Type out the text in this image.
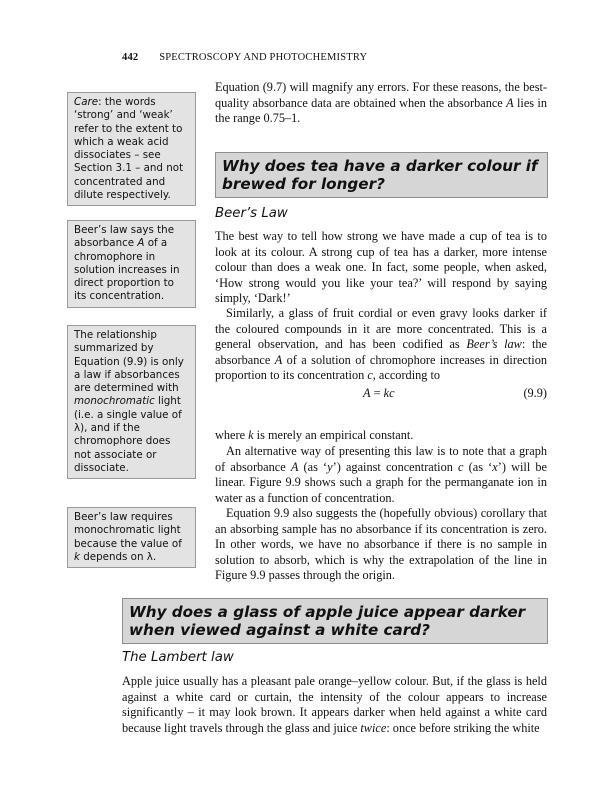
442 SPECTROSCOPY AND PHOTOCHEMISTRY
Care: the words ‘strong’ and ‘weak’ refer to the extent to which a weak acid dissociates – see Section 3.1 – and not concentrated and dilute respectively.
Beer’s law says the absorbance A of a chromophore in solution increases in direct proportion to its concentration.
The relationship summarized by Equation (9.9) is only a law if absorbances are determined with monochromatic light (i.e. a single value of λ), and if the chromophore does not associate or dissociate.
Beer’s law requires monochromatic light because the value of k depends on λ.

Equation (9.7) will magnify any errors. For these reasons, the best-quality absorbance data are obtained when the absorbance A lies in the range 0.75–1.

Why does tea have a darker colour if brewed for longer?
Beer’s Law

The best way to tell how strong we have made a cup of tea is to look at its colour. A strong cup of tea has a darker, more intense colour than does a weak one. In fact, some people, when asked, ‘How strong would you like your tea?’ will respond by saying simply, ‘Dark!’

Similarly, a glass of fruit cordial or even gravy looks darker if the coloured compounds in it are more concentrated. This is a general observation, and has been codified as Beer’s law: the absorbance A of a solution of chromophore increases in direction proportion to its concentration c, according to

A = kc	(9.9)

where k is merely an empirical constant.

An alternative way of presenting this law is to note that a graph of absorbance A (as ‘y’) against concentration c (as ‘x’) will be linear. Figure 9.9 shows such a graph for the permanganate ion in water as a function of concentration.

Equation 9.9 also suggests the (hopefully obvious) corollary that an absorbing sample has no absorbance if its concentration is zero. In other words, we have no absorbance if there is no sample in solution to absorb, which is why the extrapolation of the line in Figure 9.9 passes through the origin.

Why does a glass of apple juice appear darker when viewed against a white card?
The Lambert law

Apple juice usually has a pleasant pale orange–yellow colour. But, if the glass is held against a white card or curtain, the intensity of the colour appears to increase significantly – it may look brown. It appears darker when held against a white card because light travels through the glass and juice twice: once before striking the white
